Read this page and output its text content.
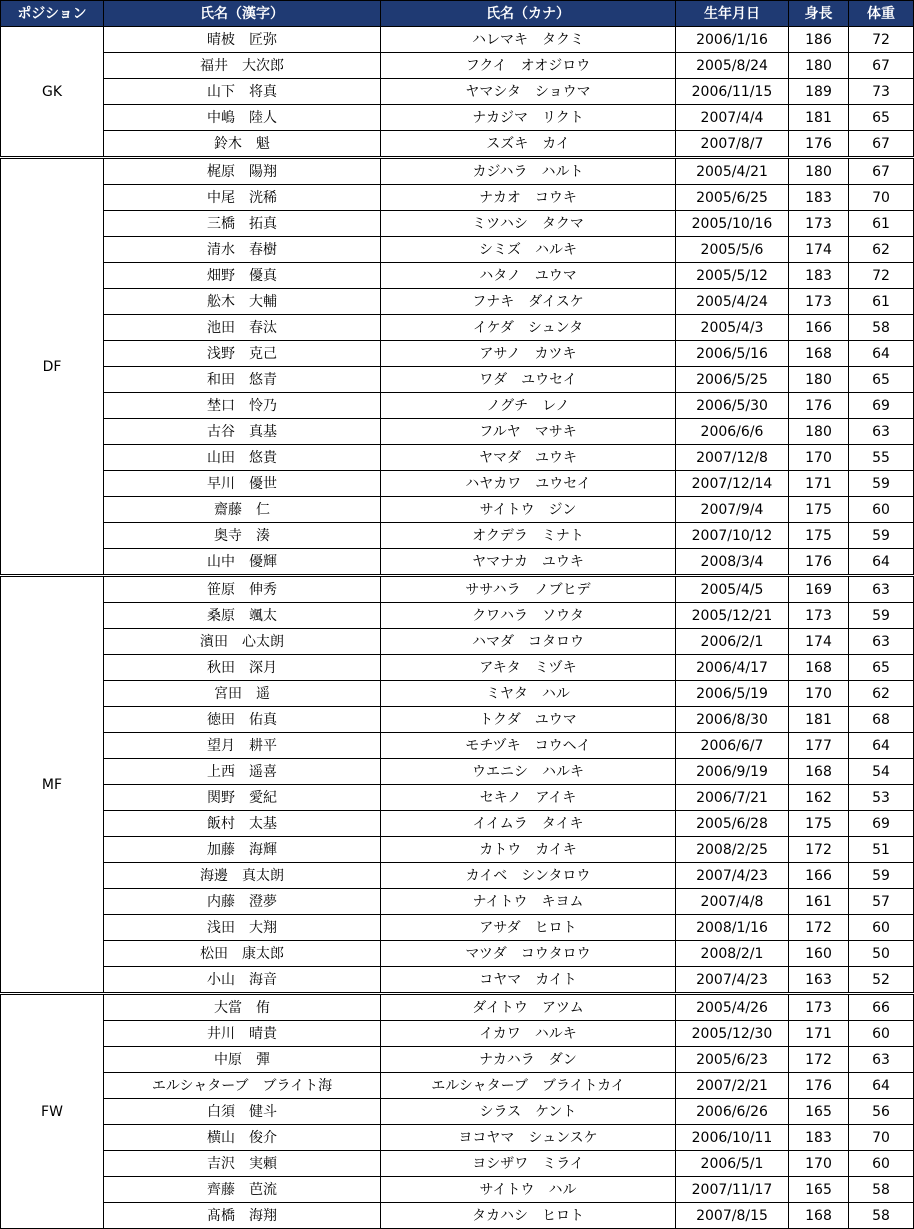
ポジション	氏名（漢字）	氏名（カナ）	生年月日	身長	体重
GK	晴柀　匠弥	ハレマキ　タクミ	2006/1/16	186	72
	福井　大次郎	フクイ　オオジロウ	2005/8/24	180	67
	山下　将真	ヤマシタ　ショウマ	2006/11/15	189	73
	中嶋　陸人	ナカジマ　リクト	2007/4/4	181	65
	鈴木　魁	スズキ　カイ	2007/8/7	176	67
DF	梶原　陽翔	カジハラ　ハルト	2005/4/21	180	67
	中尾　洸稀	ナカオ　コウキ	2005/6/25	183	70
	三橋　拓真	ミツハシ　タクマ	2005/10/16	173	61
	清水　春樹	シミズ　ハルキ	2005/5/6	174	62
	畑野　優真	ハタノ　ユウマ	2005/5/12	183	72
	舩木　大輔	フナキ　ダイスケ	2005/4/24	173	61
	池田　春汰	イケダ　シュンタ	2005/4/3	166	58
	浅野　克己	アサノ　カツキ	2006/5/16	168	64
	和田　悠青	ワダ　ユウセイ	2006/5/25	180	65
	埜口　怜乃	ノグチ　レノ	2006/5/30	176	69
	古谷　真基	フルヤ　マサキ	2006/6/6	180	63
	山田　悠貴	ヤマダ　ユウキ	2007/12/8	170	55
	早川　優世	ハヤカワ　ユウセイ	2007/12/14	171	59
	齋藤　仁	サイトウ　ジン	2007/9/4	175	60
	奥寺　湊	オクデラ　ミナト	2007/10/12	175	59
	山中　優輝	ヤマナカ　ユウキ	2008/3/4	176	64
MF	笹原　伸秀	ササハラ　ノブヒデ	2005/4/5	169	63
	桑原　颯太	クワハラ　ソウタ	2005/12/21	173	59
	濱田　心太朗	ハマダ　コタロウ	2006/2/1	174	63
	秋田　深月	アキタ　ミヅキ	2006/4/17	168	65
	宮田　遥	ミヤタ　ハル	2006/5/19	170	62
	徳田　佑真	トクダ　ユウマ	2006/8/30	181	68
	望月　耕平	モチヅキ　コウヘイ	2006/6/7	177	64
	上西　遥喜	ウエニシ　ハルキ	2006/9/19	168	54
	関野　愛紀	セキノ　アイキ	2006/7/21	162	53
	飯村　太基	イイムラ　タイキ	2005/6/28	175	69
	加藤　海輝	カトウ　カイキ	2008/2/25	172	51
	海邊　真太朗	カイベ　シンタロウ	2007/4/23	166	59
	内藤　澄夢	ナイトウ　キヨム	2007/4/8	161	57
	浅田　大翔	アサダ　ヒロト	2008/1/16	172	60
	松田　康太郎	マツダ　コウタロウ	2008/2/1	160	50
	小山　海音	コヤマ　カイト	2007/4/23	163	52
FW	大當　侑	ダイトウ　アツム	2005/4/26	173	66
	井川　晴貴	イカワ　ハルキ	2005/12/30	171	60
	中原　彈	ナカハラ　ダン	2005/6/23	172	63
	エルシャターブ　ブライト海	エルシャターブ　ブライトカイ	2007/2/21	176	64
	白須　健斗	シラス　ケント	2006/6/26	165	56
	横山　俊介	ヨコヤマ　シュンスケ	2006/10/11	183	70
	吉沢　実頼	ヨシザワ　ミライ	2006/5/1	170	60
	齊藤　芭流	サイトウ　ハル	2007/11/17	165	58
	髙橋　海翔	タカハシ　ヒロト	2007/8/15	168	58
